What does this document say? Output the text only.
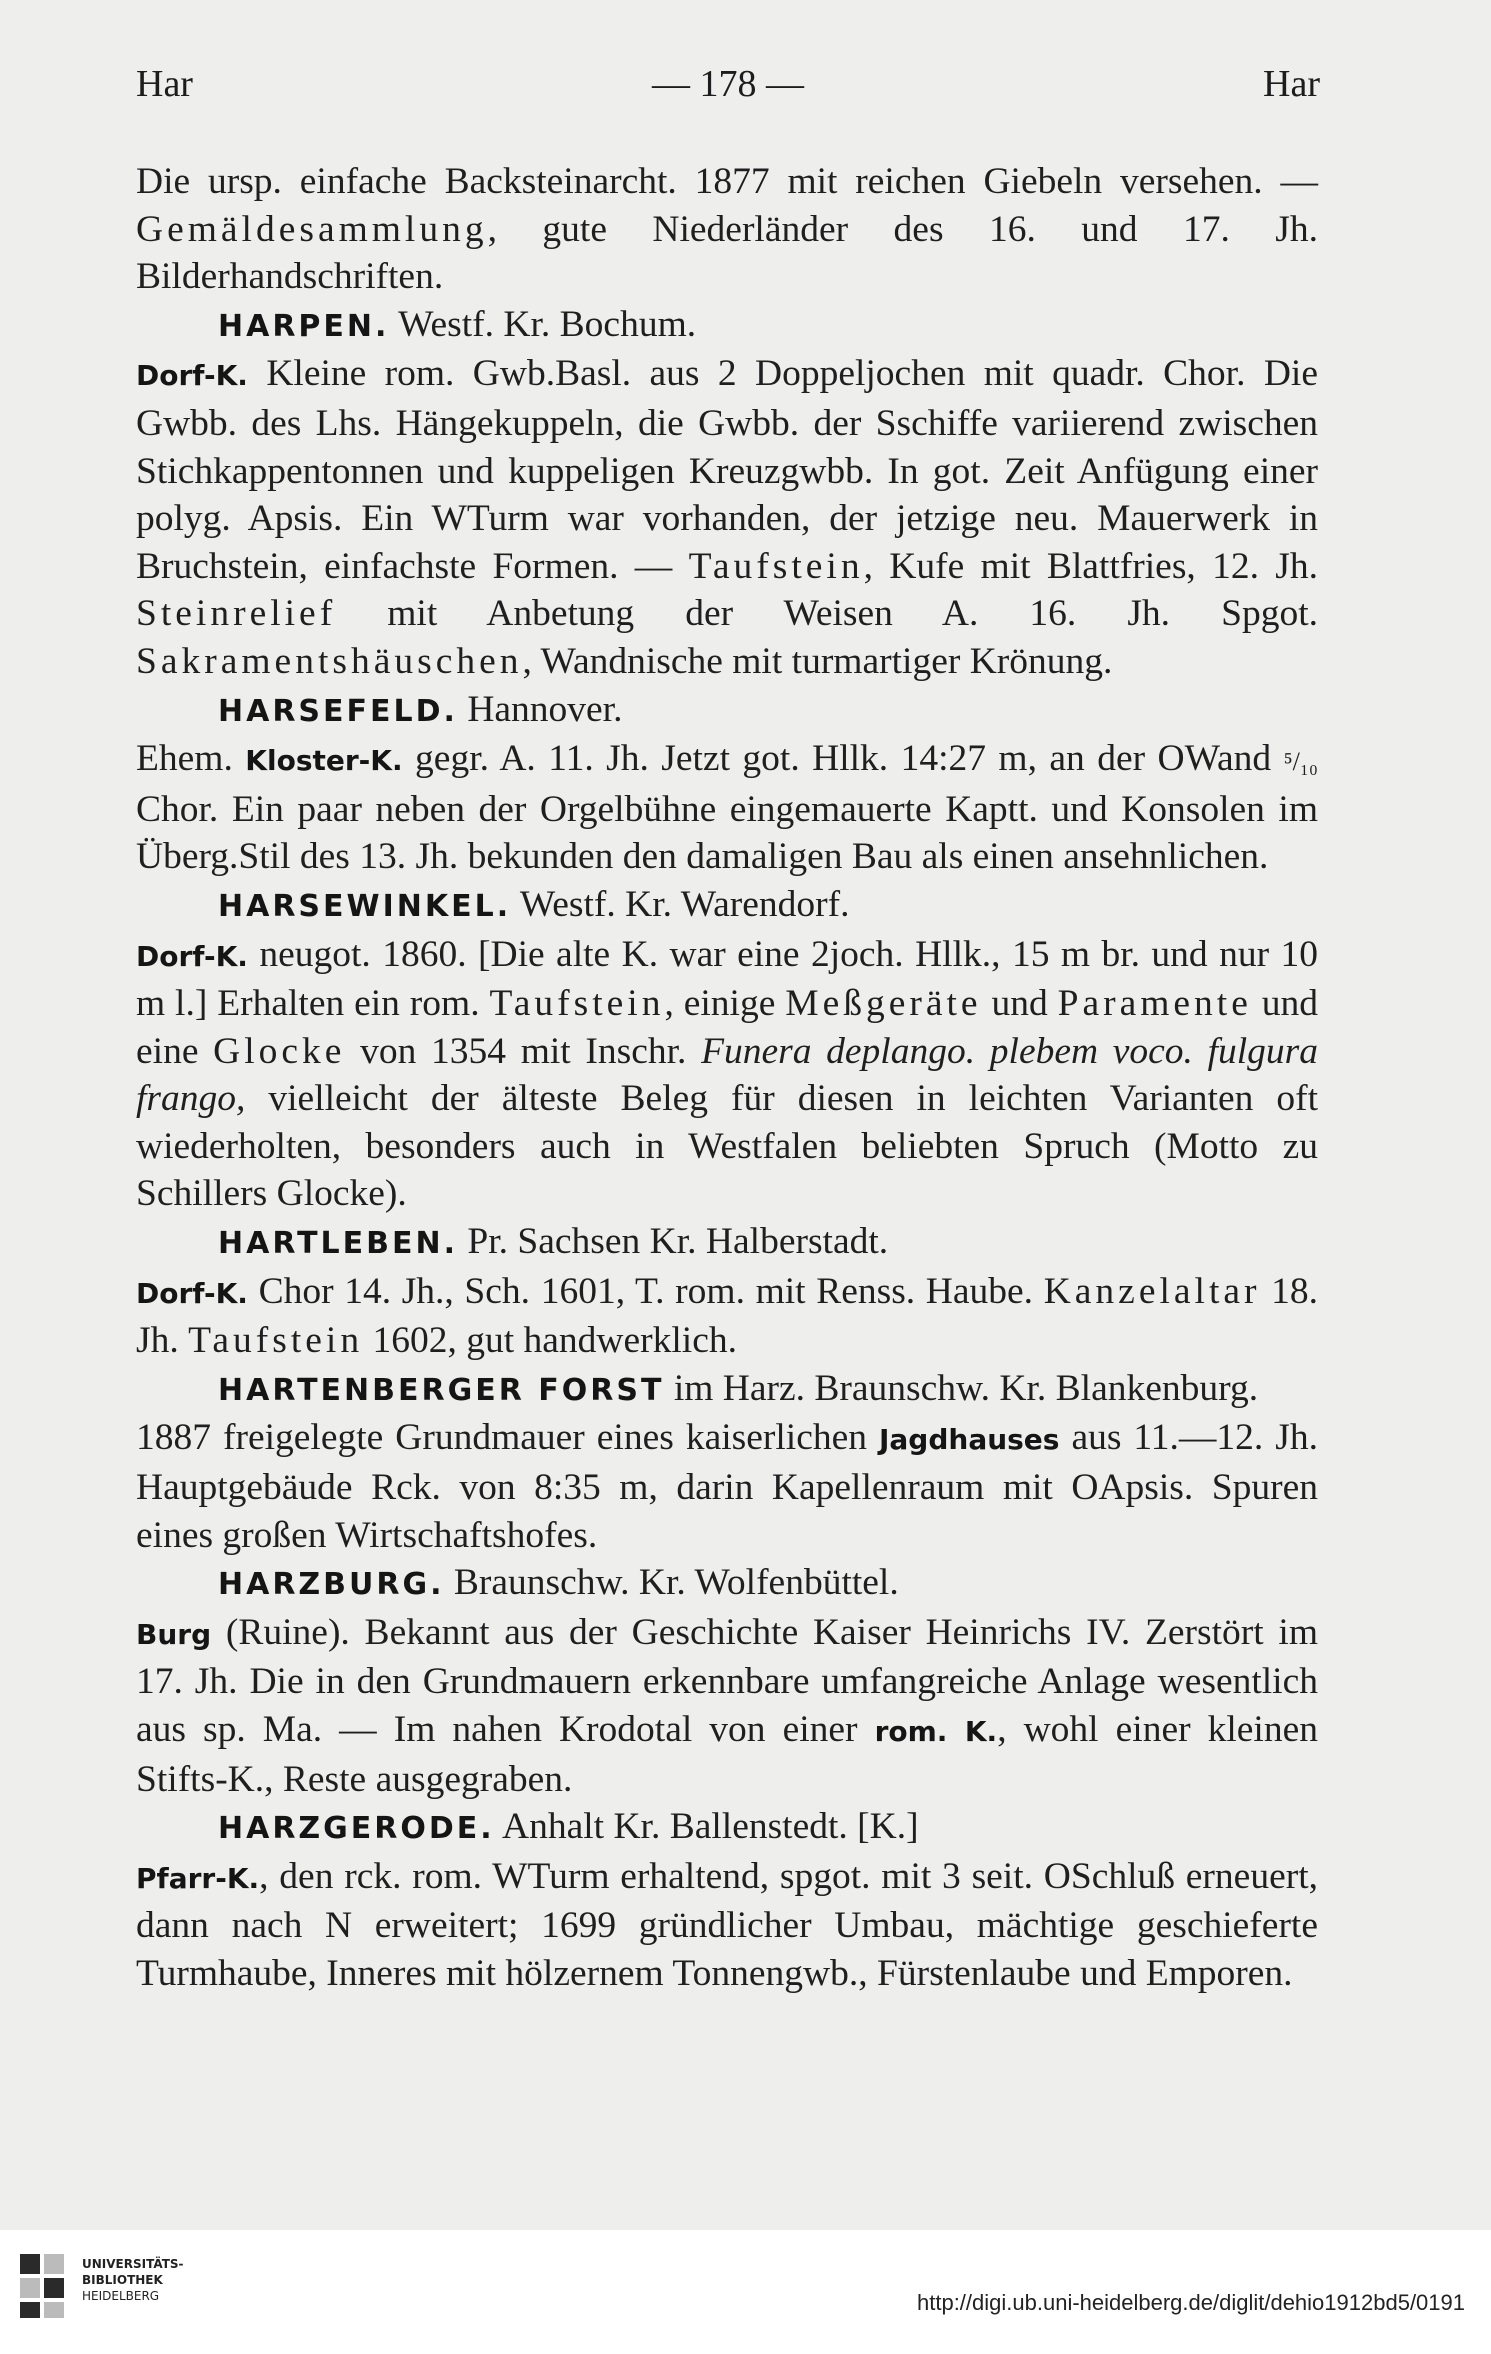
Har	— 178 —	Har

Die ursp. einfache Backsteinarcht. 1877 mit reichen Giebeln versehen. — Gemäldesammlung, gute Niederländer des 16. und 17. Jh. Bilderhandschriften.

HARPEN. Westf. Kr. Bochum.

Dorf-K. Kleine rom. Gwb.Basl. aus 2 Doppeljochen mit quadr. Chor. Die Gwbb. des Lhs. Hängekuppeln, die Gwbb. der Sschiffe variierend zwischen Stichkappentonnen und kuppeligen Kreuzgwbb. In got. Zeit Anfügung einer polyg. Apsis. Ein WTurm war vorhanden, der jetzige neu. Mauerwerk in Bruchstein, einfachste Formen. — Taufstein, Kufe mit Blattfries, 12. Jh. Steinrelief mit Anbetung der Weisen A. 16. Jh. Spgot. Sakramentshäuschen, Wandnische mit turmartiger Krönung.

HARSEFELD. Hannover.

Ehem. Kloster-K. gegr. A. 11. Jh. Jetzt got. Hllk. 14:27 m, an der OWand ⁵/₁₀ Chor. Ein paar neben der Orgelbühne eingemauerte Kaptt. und Konsolen im Überg.Stil des 13. Jh. bekunden den damaligen Bau als einen ansehnlichen.

HARSEWINKEL. Westf. Kr. Warendorf.

Dorf-K. neugot. 1860. [Die alte K. war eine 2joch. Hllk., 15 m br. und nur 10 m l.] Erhalten ein rom. Taufstein, einige Meßgeräte und Paramente und eine Glocke von 1354 mit Inschr. Funera deplango. plebem voco. fulgura frango, vielleicht der älteste Beleg für diesen in leichten Varianten oft wiederholten, besonders auch in Westfalen beliebten Spruch (Motto zu Schillers Glocke).

HARTLEBEN. Pr. Sachsen Kr. Halberstadt.

Dorf-K. Chor 14. Jh., Sch. 1601, T. rom. mit Renss. Haube. Kanzelaltar 18. Jh. Taufstein 1602, gut handwerklich.

HARTENBERGER FORST im Harz. Braunschw. Kr. Blankenburg.

1887 freigelegte Grundmauer eines kaiserlichen Jagdhauses aus 11.—12. Jh. Hauptgebäude Rck. von 8:35 m, darin Kapellenraum mit OApsis. Spuren eines großen Wirtschaftshofes.

HARZBURG. Braunschw. Kr. Wolfenbüttel.

Burg (Ruine). Bekannt aus der Geschichte Kaiser Heinrichs IV. Zerstört im 17. Jh. Die in den Grundmauern erkennbare umfangreiche Anlage wesentlich aus sp. Ma. — Im nahen Krodotal von einer rom. K., wohl einer kleinen Stifts-K., Reste ausgegraben.

HARZGERODE. Anhalt Kr. Ballenstedt. [K.]

Pfarr-K., den rck. rom. WTurm erhaltend, spgot. mit 3 seit. OSchluß erneuert, dann nach N erweitert; 1699 gründlicher Umbau, mächtige geschieferte Turmhaube, Inneres mit hölzernem Tonnengwb., Fürstenlaube und Emporen.

UNIVERSITÄTS-
BIBLIOTHEK
HEIDELBERG	http://digi.ub.uni-heidelberg.de/diglit/dehio1912bd5/0191
